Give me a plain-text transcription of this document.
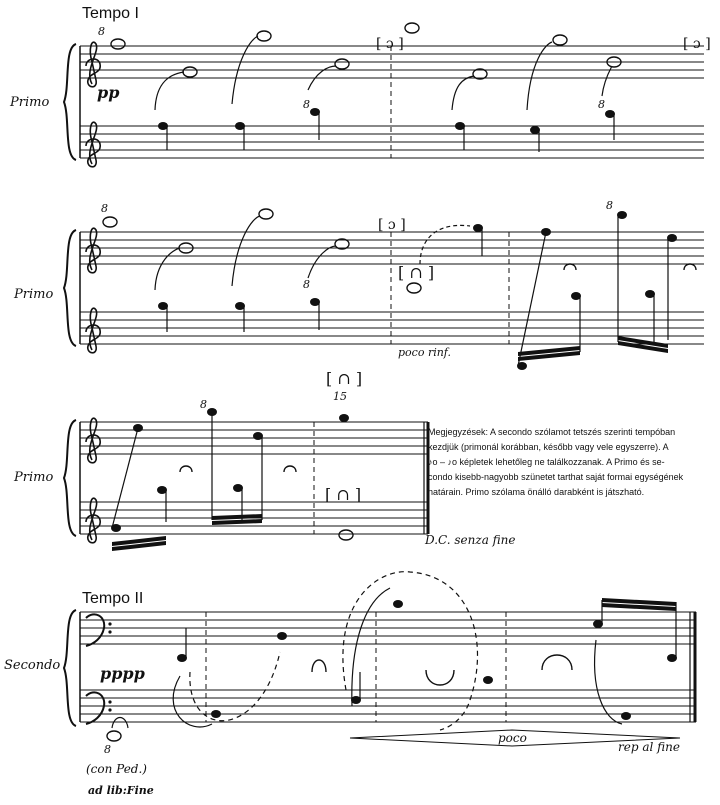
Tempo I
Primo
pp
Primo
poco rinf.
Primo
D.C. senza fine
Tempo II
Secondo pppp
(con Ped.)
ad lib:Fine
poco
rep al fine
8
8	8
8
8
8
8
15
8
Megjegyzések: A secondo szólamot tetszés szerinti tempóban
kezdjük (primonál korábban, később vagy vele egyszerre). A
♪o – ♪o képletek lehetőleg ne találkozzanak. A Primo és se-
condo kisebb-nagyobb szünetet tarthat saját formai egységének
határain. Primo szólama önálló darabként is játszható.
[ ɔ ]	[ ɔ ]
[ ɔ ]
[ ∩ ]
[ ∩ ]
[ ∩ ]
